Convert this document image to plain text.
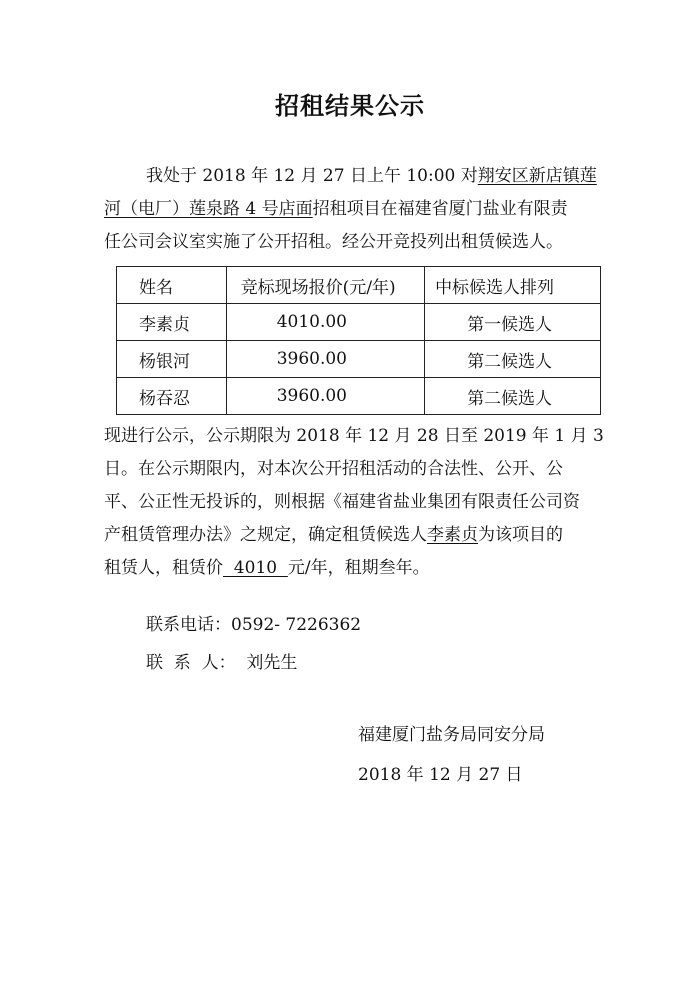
招租结果公示
我处于 2018 年 12 月 27 日上午 10:00 对翔安区新店镇莲
河（电厂）莲泉路 4 号店面招租项目在福建省厦门盐业有限责
任公司会议室实施了公开招租。经公开竞投列出租赁候选人。
姓名	竞标现场报价(元/年)	中标候选人排列
李素贞	4010.00	第一候选人
杨银河	3960.00	第二候选人
杨吞忍	3960.00	第二候选人
现进行公示，公示期限为 2018 年 12 月 28 日至 2019 年 1 月 3
日。在公示期限内，对本次公开招租活动的合法性、公开、公
平、公正性无投诉的，则根据《福建省盐业集团有限责任公司资
产租赁管理办法》之规定，确定租赁候选人李素贞为该项目的
租赁人，租赁价  4010  元/年，租期叁年。
联系电话：0592- 7226362
联  系  人：  刘先生
福建厦门盐务局同安分局
2018 年 12 月 27 日
